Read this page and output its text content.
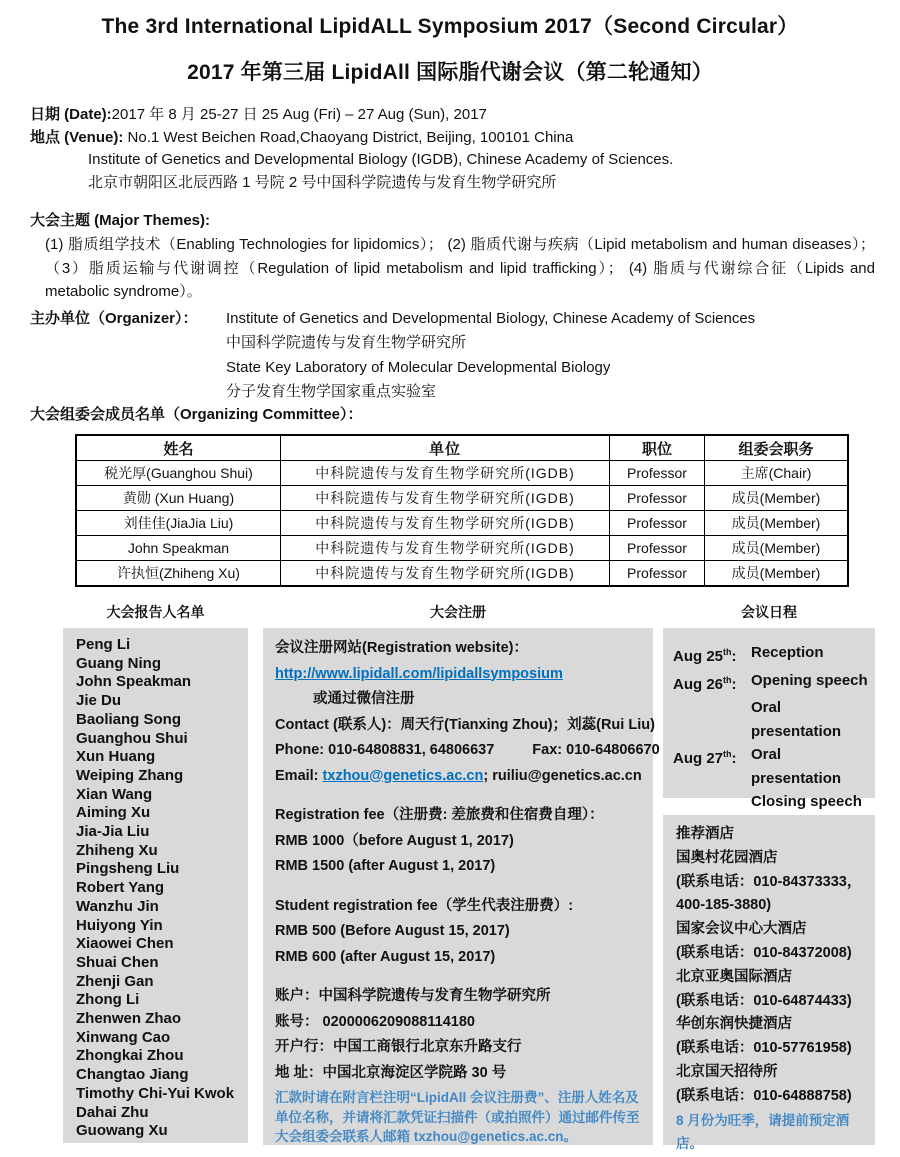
The 3rd International LipidALL Symposium 2017（Second Circular）
2017 年第三届 LipidAll 国际脂代谢会议（第二轮通知）
日期 (Date):2017 年 8 月 25-27 日 25 Aug (Fri) – 27 Aug (Sun), 2017
地点 (Venue): No.1 West Beichen Road,Chaoyang District, Beijing, 100101 China
Institute of Genetics and Developmental Biology (IGDB), Chinese Academy of Sciences.
北京市朝阳区北辰西路 1 号院 2 号中国科学院遗传与发育生物学研究所
大会主题 (Major Themes):
(1) 脂质组学技术（Enabling Technologies for lipidomics）； (2) 脂质代谢与疾病（Lipid metabolism and human diseases）； （3）脂质运输与代谢调控（Regulation of lipid metabolism and lipid trafficking）； (4) 脂质与代谢综合征（Lipids and metabolic syndrome）。
主办单位（Organizer）：	Institute of Genetics and Developmental Biology, Chinese Academy of Sciences
中国科学院遗传与发育生物学研究所
State Key Laboratory of Molecular Developmental Biology
分子发育生物学国家重点实验室
大会组委会成员名单（Organizing Committee）：
姓名	单位	职位	组委会职务
税光厚(Guanghou Shui)	中科院遗传与发育生物学研究所(IGDB)	Professor	主席(Chair)
黄勋 (Xun Huang)	中科院遗传与发育生物学研究所(IGDB)	Professor	成员(Member)
刘佳佳(JiaJia Liu)	中科院遗传与发育生物学研究所(IGDB)	Professor	成员(Member)
John Speakman	中科院遗传与发育生物学研究所(IGDB)	Professor	成员(Member)
许执恒(Zhiheng Xu)	中科院遗传与发育生物学研究所(IGDB)	Professor	成员(Member)
大会报告人名单	大会注册	会议日程
Peng Li
Guang Ning
John Speakman
Jie Du
Baoliang Song
Guanghou Shui
Xun Huang
Weiping Zhang
Xian Wang
Aiming Xu
Jia-Jia Liu
Zhiheng Xu
Pingsheng Liu
Robert Yang
Wanzhu Jin
Huiyong Yin
Xiaowei Chen
Shuai Chen
Zhenji Gan
Zhong Li
Zhenwen Zhao
Xinwang Cao
Zhongkai Zhou
Changtao Jiang
Timothy Chi-Yui Kwok
Dahai Zhu
Guowang Xu
会议注册网站(Registration website)：
http://www.lipidall.com/lipidallsymposium
或通过微信注册
Contact (联系人)：周天行(Tianxing Zhou)；刘蕊(Rui Liu)
Phone: 010-64808831, 64806637	Fax: 010-64806670
Email: txzhou@genetics.ac.cn; ruiliu@genetics.ac.cn
Registration fee（注册费: 差旅费和住宿费自理）：
RMB 1000（before August 1, 2017)
RMB 1500 (after August 1, 2017)
Student registration fee（学生代表注册费）:
RMB 500 (Before August 15, 2017)
RMB 600 (after August 15, 2017)
账户：中国科学院遗传与发育生物学研究所
账号： 0200006209088114180
开户行：中国工商银行北京东升路支行
地 址：中国北京海淀区学院路 30 号
汇款时请在附言栏注明“LipidAll 会议注册费”、注册人姓名及单位名称，并请将汇款凭证扫描件（或拍照件）通过邮件传至大会组委会联系人邮箱 txzhou@genetics.ac.cn。
Aug 25th: Reception
Aug 26th: Opening speech
Oral presentation
Aug 27th: Oral presentation
Closing speech
推荐酒店
国奥村花园酒店
(联系电话：010-84373333，
400-185-3880)
国家会议中心大酒店
(联系电话：010-84372008)
北京亚奥国际酒店
(联系电话：010-64874433)
华创东润快捷酒店
(联系电话：010-57761958)
北京国天招待所
(联系电话：010-64888758)
8 月份为旺季，请提前预定酒店。
